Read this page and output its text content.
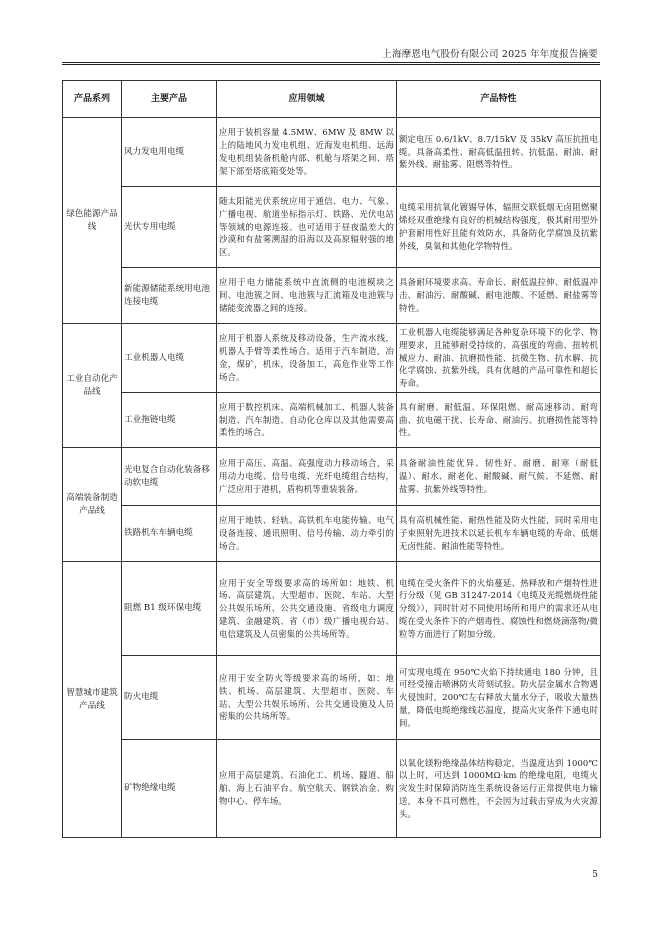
上海摩恩电气股份有限公司 2025 年年度报告摘要
产品系列	主要产品	应用领域	产品特性
绿色能源产品线	风力发电用电缆	应用于装机容量 4.5MW、6MW 及 8MW 以上的陆地风力发电机组、近海发电机组、远海发电机组装备机舱内部、机舱与塔架之间、塔架下部至塔底箱变处等。	额定电压 0.6/1kV、8.7/15kV 及 35kV 高压抗扭电缆。具备高柔性、耐高低温扭转、抗低温、耐油、耐紫外线、耐盐雾、阻燃等特性。
	光伏专用电缆	随太阳能光伏系统应用于通信、电力、气象、广播电视、航道坐标指示灯、铁路、光伏电站等领域的电源连接。也可适用于昼夜温差大的沙漠和有盐雾溯湿的沿海以及高原辐射强的地区。	电缆采用抗氧化镀锡导体，辐照交联低烟无卤阻燃聚烯烃双重绝缘有良好的机械结构强度，极其耐用型外护套耐用性好且能有效防水，具备防化学腐蚀及抗紫外线，臭氧和其他化学物特性。
	新能源储能系统用电池连接电缆	应用于电力储能系统中直流侧的电池模块之间、电池簇之间、电池簇与汇流箱及电池簇与储能变流器之间的连接。	具备耐环境要求高、寿命长、耐低温拉伸、耐低温冲击、耐油污、耐酸碱、耐电池酸、不延燃、耐盐雾等特性。
工业自动化产品线	工业机器人电缆	应用于机器人系统及移动设备，生产流水线，机器人手臂等柔性场合。适用于汽车制造，冶金，煤矿，机床，设备加工，高危作业等工作场合。	工业机器人电缆能够满足各种复杂环境下的化学、物理要求，且能够耐受持续的、高强度的弯曲、扭转机械应力、耐油、抗磨损性能、抗微生物、抗水解、抗化学腐蚀、抗紫外线，具有优越的产品可靠性和超长寿命。
	工业拖链电缆	应用于数控机床、高端机械加工、机器人装备制造、汽车制造、自动化仓库以及其他需要高柔性的场合。	具有耐磨、耐低温、环保阻燃、耐高速移动、耐弯曲、抗电磁干扰、长寿命、耐油污、抗磨损性能等特性。
高端装备制造产品线	光电复合自动化装备移动软电缆	应用于高压、高温、高强度动力移动场合，采用动力电缆、信号电缆、光纤电缆组合结构，广泛应用于港机，盾构机等重装装备。	具备耐油性能优异、韧性好、耐磨、耐寒（耐低温）、耐水、耐老化、耐酸碱、耐气候、不延燃、耐盐雾、抗紫外线等特性。
	铁路机车车辆电缆	应用于地铁、轻轨、高铁机车电能传输、电气设备连接、通讯照明、信号传输、动力牵引的场合。	具有高机械性能、耐热性能及防火性能，同时采用电子束照射先进技术以延长机车车辆电缆的寿命、低烟无卤性能、耐油性能等特性。
智慧城市建筑产品线	阻燃 B1 级环保电缆	应用于安全等级要求高的场所如：地铁、机场、高层建筑、大型超市、医院、车站、大型公共娱乐场所、公共交通设施、省级电力调度建筑、金融建筑、省（市）级广播电视台站、电信建筑及人员密集的公共场所等。	电缆在受火条件下的火焰蔓延、热释放和产烟特性进行分级（见 GB 31247-2014《电缆及光缆燃烧性能分级》），同时针对不同使用场所和用户的需求还从电缆在受火条件下的产烟毒性、腐蚀性和燃烧滴落物/微粒等方面进行了附加分级。
	防火电缆	应用于安全防火等级要求高的场所，如：地铁、机场、高层建筑、大型超市、医院、车站、大型公共娱乐场所、公共交通设施及人员密集的公共场所等。	可实现电缆在 950℃火焰下持续通电 180 分钟，且可经受撞击喷淋防火苛刻试验。防火层金属水合物遇火侵蚀时，200℃左右释放大量水分子，吸收大量热量，降低电缆绝缘线芯温度，提高火灾条件下通电时间。
	矿物绝缘电缆	应用于高层建筑、石油化工、机场、隧道、船舶、海上石油平台、航空航天、钢铁冶金、购物中心、停车场。	以氧化镁粉绝缘晶体结构稳定，当温度达到 1000℃以上时，可达到 1000MΩ·km 的绝缘电阻，电缆火灾发生时保障消防连生系统设备运行正常提供电力输送，本身不具可燃性，不会因为过载击穿成为火灾源头。
5
